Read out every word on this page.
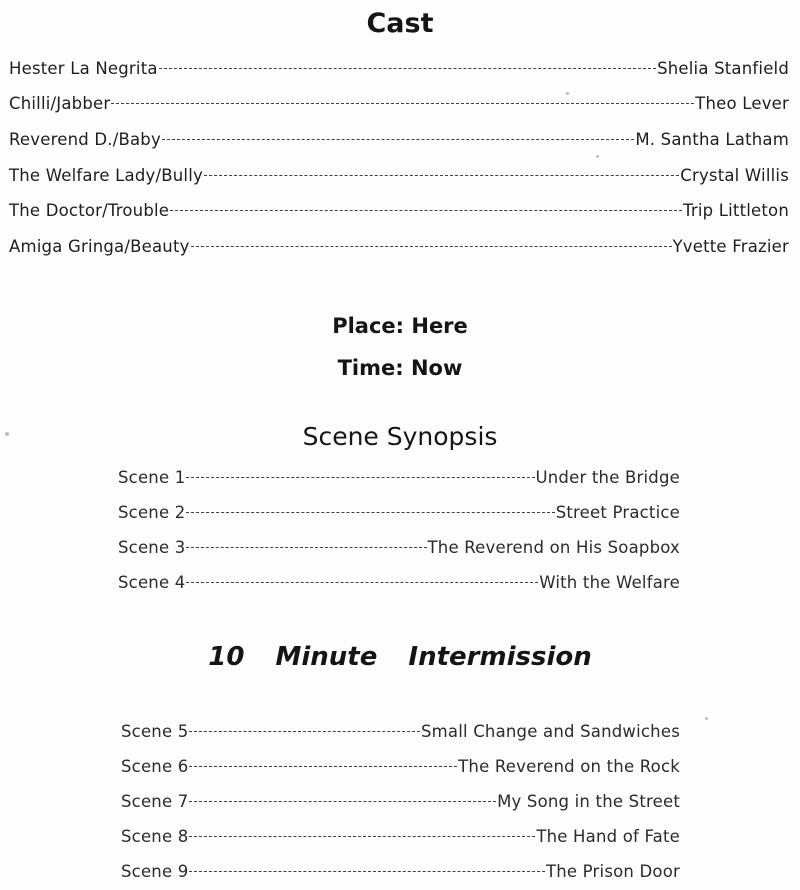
Cast
Hester La Negrita	Shelia Stanfield
Chilli/Jabber	Theo Lever
Reverend D./Baby	M. Santha Latham
The Welfare Lady/Bully	Crystal Willis
The Doctor/Trouble	Trip Littleton
Amiga Gringa/Beauty	Yvette Frazier
Place: Here
Time: Now
Scene Synopsis
Scene 1	Under the Bridge
Scene 2	Street Practice
Scene 3	The Reverend on His Soapbox
Scene 4	With the Welfare
10 Minute Intermission
Scene 5	Small Change and Sandwiches
Scene 6	The Reverend on the Rock
Scene 7	My Song in the Street
Scene 8	The Hand of Fate
Scene 9	The Prison Door
